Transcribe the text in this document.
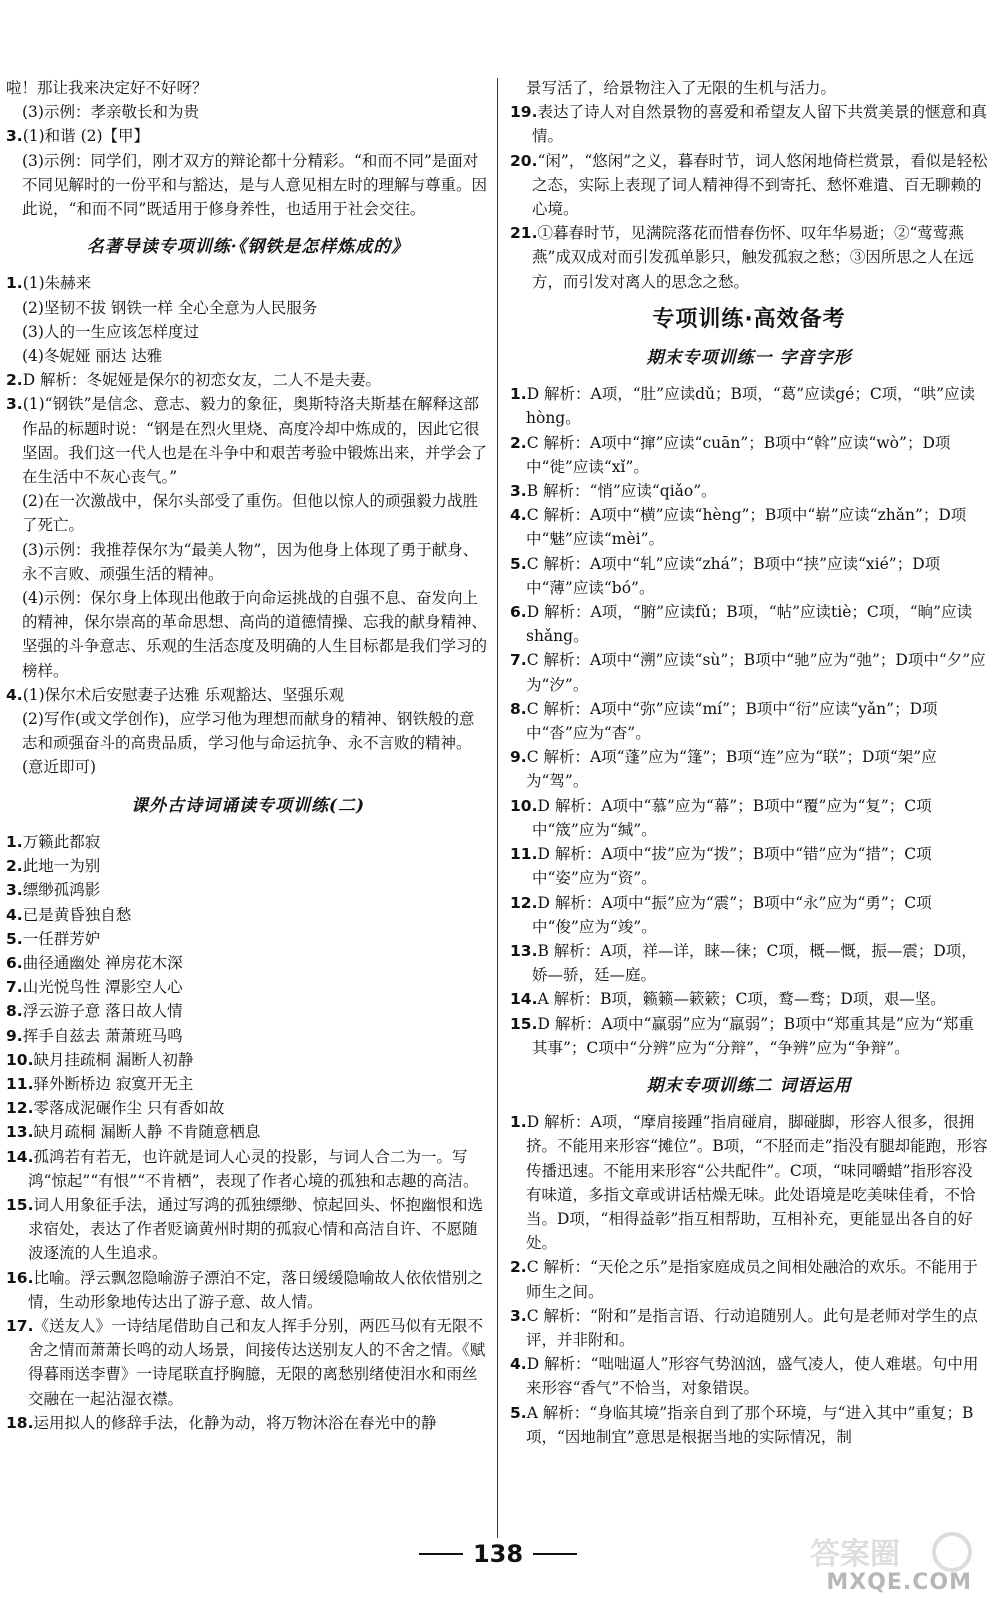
啦！那让我来决定好不好呀？

(3)示例：孝亲敬长和为贵

3.(1)和谐 (2)【甲】

(3)示例：同学们，刚才双方的辩论都十分精彩。“和而不同”是面对不同见解时的一份平和与豁达，是与人意见相左时的理解与尊重。因此说，“和而不同”既适用于修身养性，也适用于社会交往。

名著导读专项训练·《钢铁是怎样炼成的》

1.(1)朱赫来

(2)坚韧不拔 钢铁一样 全心全意为人民服务

(3)人的一生应该怎样度过

(4)冬妮娅 丽达 达雅

2.D 解析：冬妮娅是保尔的初恋女友，二人不是夫妻。

3.(1)“钢铁”是信念、意志、毅力的象征，奥斯特洛夫斯基在解释这部作品的标题时说：“钢是在烈火里烧、高度冷却中炼成的，因此它很坚固。我们这一代人也是在斗争中和艰苦考验中锻炼出来，并学会了在生活中不灰心丧气。”

(2)在一次激战中，保尔头部受了重伤。但他以惊人的顽强毅力战胜了死亡。

(3)示例：我推荐保尔为“最美人物”，因为他身上体现了勇于献身、永不言败、顽强生活的精神。

(4)示例：保尔身上体现出他敢于向命运挑战的自强不息、奋发向上的精神，保尔崇高的革命思想、高尚的道德情操、忘我的献身精神、坚强的斗争意志、乐观的生活态度及明确的人生目标都是我们学习的榜样。

4.(1)保尔术后安慰妻子达雅 乐观豁达、坚强乐观

(2)写作(或文学创作)，应学习他为理想而献身的精神、钢铁般的意志和顽强奋斗的高贵品质，学习他与命运抗争、永不言败的精神。(意近即可)

课外古诗词诵读专项训练(二)

1.万籁此都寂

2.此地一为别

3.缥缈孤鸿影

4.已是黄昏独自愁

5.一任群芳妒

6.曲径通幽处 禅房花木深

7.山光悦鸟性 潭影空人心

8.浮云游子意 落日故人情

9.挥手自兹去 萧萧班马鸣

10.缺月挂疏桐 漏断人初静

11.驿外断桥边 寂寞开无主

12.零落成泥碾作尘 只有香如故

13.缺月疏桐 漏断人静 不肯随意栖息

14.孤鸿若有若无，也许就是词人心灵的投影，与词人合二为一。写鸿“惊起”“有恨”“不肯栖”，表现了作者心境的孤独和志趣的高洁。

15.词人用象征手法，通过写鸿的孤独缥缈、惊起回头、怀抱幽恨和选求宿处，表达了作者贬谪黄州时期的孤寂心情和高洁自许、不愿随波逐流的人生追求。

16.比喻。浮云飘忽隐喻游子漂泊不定，落日缓缓隐喻故人依依惜别之情，生动形象地传达出了游子意、故人情。

17.《送友人》一诗结尾借助自己和友人挥手分别，两匹马似有无限不舍之情而萧萧长鸣的动人场景，间接传达送别友人的不舍之情。《赋得暮雨送李曹》一诗尾联直抒胸臆，无限的离愁别绪使泪水和雨丝交融在一起沾湿衣襟。

18.运用拟人的修辞手法，化静为动，将万物沐浴在春光中的静

景写活了，给景物注入了无限的生机与活力。

19.表达了诗人对自然景物的喜爱和希望友人留下共赏美景的惬意和真情。

20.“闲”，“悠闲”之义，暮春时节，词人悠闲地倚栏赏景，看似是轻松之态，实际上表现了词人精神得不到寄托、愁怀难遣、百无聊赖的心境。

21.①暮春时节，见满院落花而惜春伤怀、叹年华易逝；②“莺莺燕燕”成双成对而引发孤单影只，触发孤寂之愁；③因所思之人在远方，而引发对离人的思念之愁。

专项训练·高效备考
期末专项训练一 字音字形

1.D 解析：A项，“肚”应读dǔ；B项，“葛”应读gé；C项，“哄”应读hòng。

2.C 解析：A项中“撺”应读“cuān”；B项中“斡”应读“wò”；D项中“徙”应读“xǐ”。

3.B 解析：“悄”应读“qiǎo”。

4.C 解析：A项中“横”应读“hèng”；B项中“崭”应读“zhǎn”；D项中“魅”应读“mèi”。

5.C 解析：A项中“轧”应读“zhá”；B项中“挟”应读“xié”；D项中“薄”应读“bó”。

6.D 解析：A项，“腑”应读fǔ；B项，“帖”应读tiè；C项，“晌”应读shǎng。

7.C 解析：A项中“溯”应读“sù”；B项中“驰”应为“弛”；D项中“夕”应为“汐”。

8.C 解析：A项中“弥”应读“mí”；B项中“衍”应读“yǎn”；D项中“沓”应为“杳”。

9.C 解析：A项“蓬”应为“篷”；B项“连”应为“联”；D项“架”应为“驾”。

10.D 解析：A项中“慕”应为“幕”；B项中“覆”应为“复”；C项中“筬”应为“缄”。

11.D 解析：A项中“拔”应为“拨”；B项中“错”应为“措”；C项中“姿”应为“资”。

12.D 解析：A项中“振”应为“震”；B项中“永”应为“勇”；C项中“俊”应为“竣”。

13.B 解析：A项，祥—详，睐—徕；C项，概—慨，振—震；D项，娇—骄，廷—庭。

14.A 解析：B项，籁籁—簌簌；C项，鹜—骛；D项，艰—坚。

15.D 解析：A项中“赢弱”应为“羸弱”；B项中“郑重其是”应为“郑重其事”；C项中“分辨”应为“分辩”，“争辨”应为“争辩”。

期末专项训练二 词语运用

1.D 解析：A项，“摩肩接踵”指肩碰肩，脚碰脚，形容人很多，很拥挤。不能用来形容“摊位”。B项，“不胫而走”指没有腿却能跑，形容传播迅速。不能用来形容“公共配件”。C项，“味同嚼蜡”指形容没有味道，多指文章或讲话枯燥无味。此处语境是吃美味佳肴，不恰当。D项，“相得益彰”指互相帮助，互相补充，更能显出各自的好处。

2.C 解析：“天伦之乐”是指家庭成员之间相处融洽的欢乐。不能用于师生之间。

3.C 解析：“附和”是指言语、行动追随别人。此句是老师对学生的点评，并非附和。

4.D 解析：“咄咄逼人”形容气势汹汹，盛气凌人，使人难堪。句中用来形容“香气”不恰当，对象错误。

5.A 解析：“身临其境”指亲自到了那个环境，与“进入其中”重复；B项，“因地制宜”意思是根据当地的实际情况，制

138	答案圈
MXQE.COM
